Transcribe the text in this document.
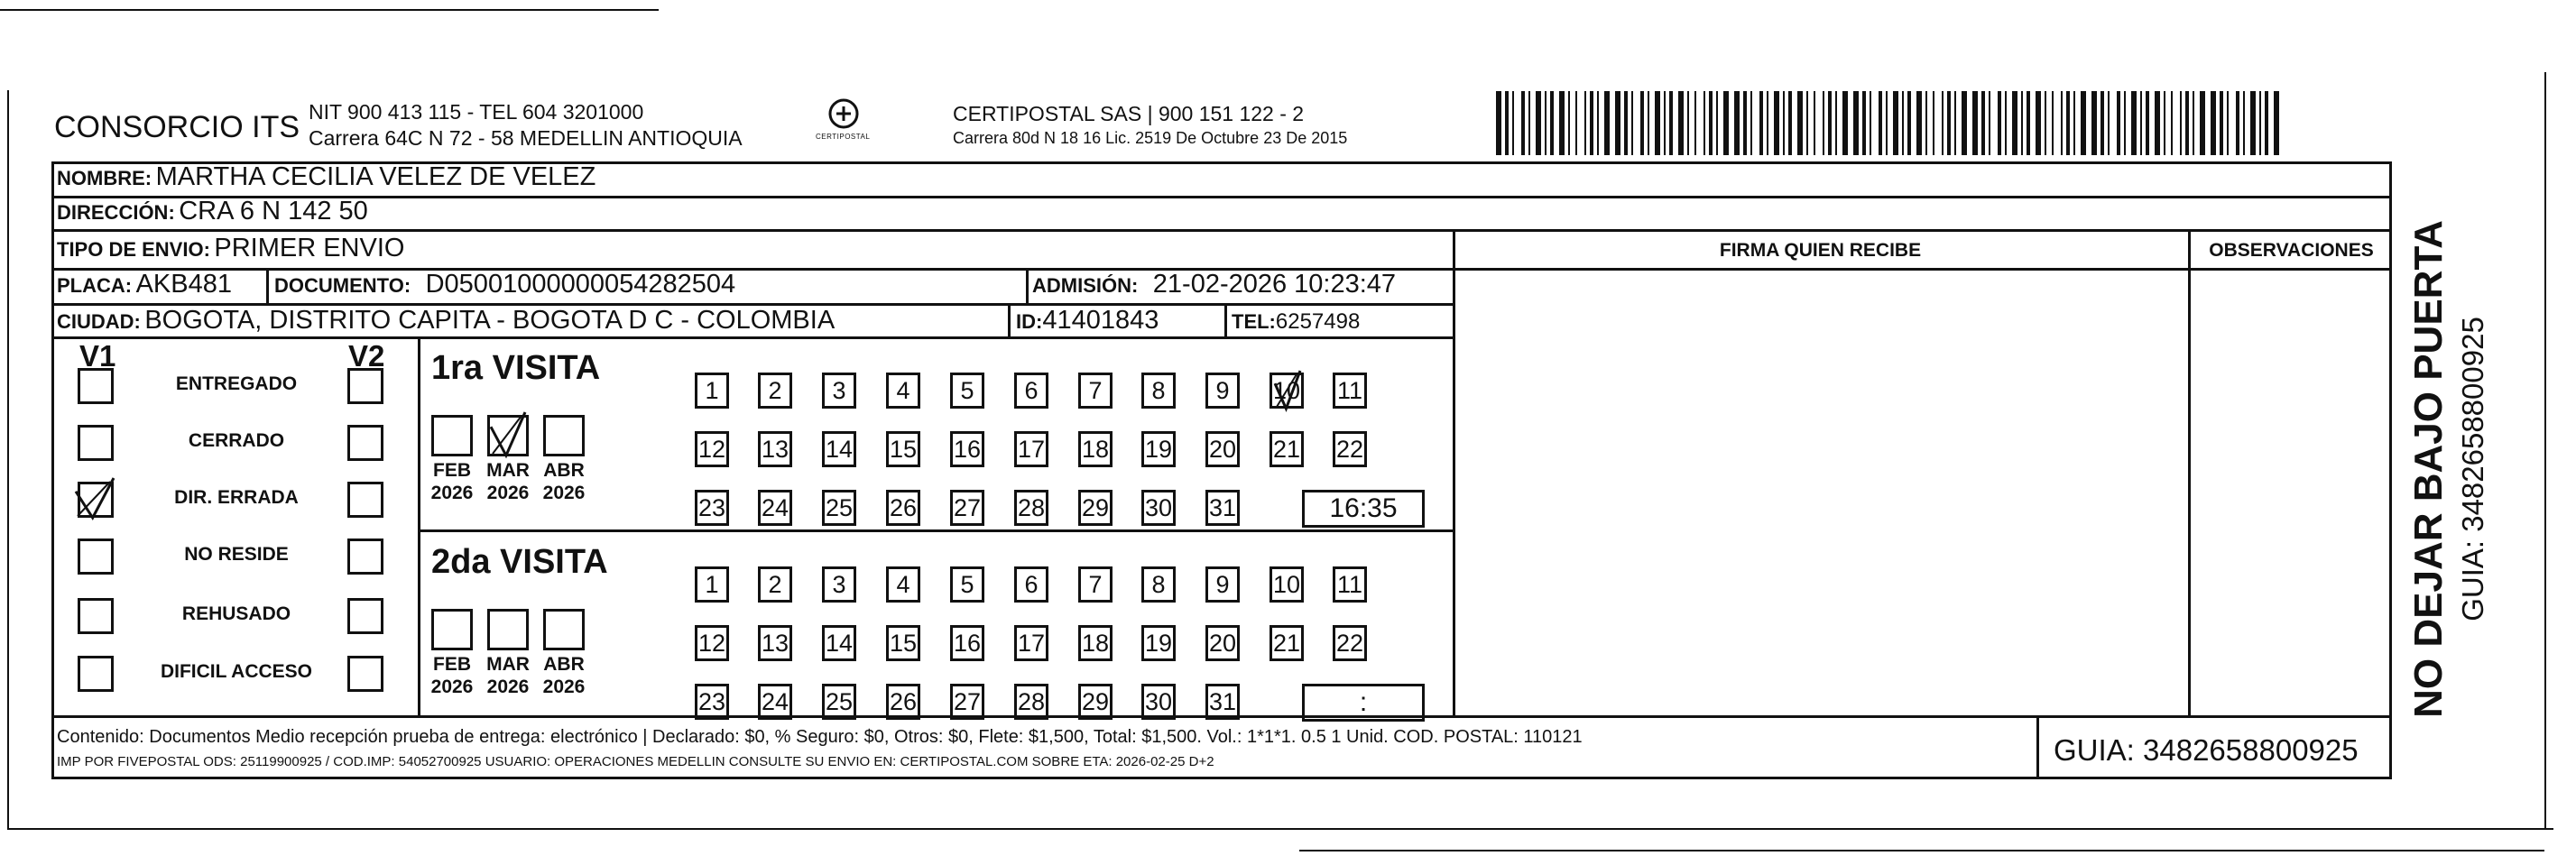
CONSORCIO ITS NIT 900 413 115 - TEL 604 3201000
Carrera 64C N 72 - 58 MEDELLIN ANTIOQUIA	CERTIPOSTAL
CERTIPOSTAL SAS | 900 151 122 - 2
Carrera 80d N 18 16 Lic. 2519 De Octubre 23 De 2015
NOMBRE: MARTHA CECILIA VELEZ DE VELEZ
DIRECCIÓN: CRA 6 N 142 50
TIPO DE ENVIO: PRIMER ENVIO
PLACA: AKB481 DOCUMENTO: D05001000000054282504	ADMISIÓN: 21-02-2026 10:23:47
CIUDAD: BOGOTA, DISTRITO CAPITA - BOGOTA D C - COLOMBIA	ID:41401843	TEL:6257498
FIRMA QUIEN RECIBE	OBSERVACIONES
V1	V2
Contenido: Documentos Medio recepción prueba de entrega: electrónico | Declarado: $0, % Seguro: $0, Otros: $0, Flete: $1,500, Total: $1,500. Vol.: 1*1*1. 0.5 1 Unid. COD. POSTAL: 110121
IMP POR FIVEPOSTAL ODS: 25119900925 / COD.IMP: 54052700925 USUARIO: OPERACIONES MEDELLIN CONSULTE SU ENVIO EN: CERTIPOSTAL.COM SOBRE ETA: 2026-02-25 D+2	GUIA: 3482658800925
NO DEJAR BAJO PUERTA GUIA: 3482658800925
ENTREGADO
CERRADO
DIR. ERRADA
NO RESIDE
REHUSADO
DIFICIL ACCESO
1ra VISITA
FEB
2026
MAR
2026
ABR
2026
1	2	3	4	5	6	7	8	9	10 11
12 13 14 15 16 17 18 19 20 21 22
23 24 25 26 27 28 29 30 31	16:35
2da VISITA
FEB
2026
MAR
2026
ABR
2026
1	2	3	4	5	6	7	8	9	10 11
12 13 14 15 16 17 18 19 20 21 22
23 24 25 26 27 28 29 30 31	:
